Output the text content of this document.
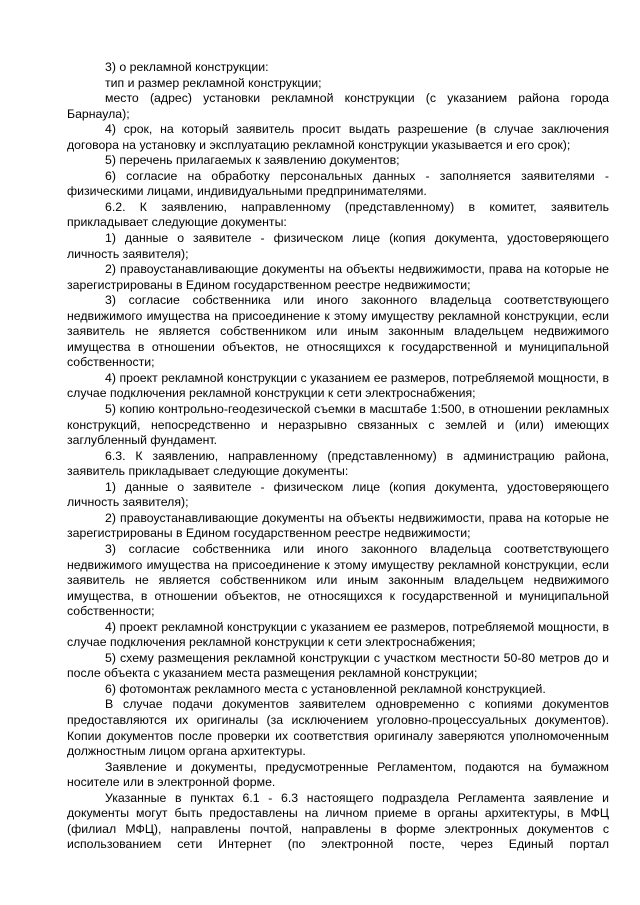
3) о рекламной конструкции:

тип и размер рекламной конструкции;

место (адрес) установки рекламной конструкции (с указанием района города Барнаула);

4) срок, на который заявитель просит выдать разрешение (в случае заключения договора на установку и эксплуатацию рекламной конструкции указывается и его срок);

5) перечень прилагаемых к заявлению документов;

6) согласие на обработку персональных данных - заполняется заявителями - физическими лицами, индивидуальными предпринимателями.

6.2. К заявлению, направленному (представленному) в комитет, заявитель прикладывает следующие документы:

1) данные о заявителе - физическом лице (копия документа, удостоверяющего личность заявителя);

2) правоустанавливающие документы на объекты недвижимости, права на которые не зарегистрированы в Едином государственном реестре недвижимости;

3) согласие собственника или иного законного владельца соответствующего недвижимого имущества на присоединение к этому имуществу рекламной конструкции, если заявитель не является собственником или иным законным владельцем недвижимого имущества в отношении объектов, не относящихся к государственной и муниципальной собственности;

4) проект рекламной конструкции с указанием ее размеров, потребляемой мощности, в случае подключения рекламной конструкции к сети электроснабжения;

5) копию контрольно-геодезической съемки в масштабе 1:500, в отношении рекламных конструкций, непосредственно и неразрывно связанных с землей и (или) имеющих заглубленный фундамент.

6.3. К заявлению, направленному (представленному) в администрацию района, заявитель прикладывает следующие документы:

1) данные о заявителе - физическом лице (копия документа, удостоверяющего личность заявителя);

2) правоустанавливающие документы на объекты недвижимости, права на которые не зарегистрированы в Едином государственном реестре недвижимости;

3) согласие собственника или иного законного владельца соответствующего недвижимого имущества на присоединение к этому имуществу рекламной конструкции, если заявитель не является собственником или иным законным владельцем недвижимого имущества, в отношении объектов, не относящихся к государственной и муниципальной собственности;

4) проект рекламной конструкции с указанием ее размеров, потребляемой мощности, в случае подключения рекламной конструкции к сети электроснабжения;

5) схему размещения рекламной конструкции с участком местности 50-80 метров до и после объекта с указанием места размещения рекламной конструкции;

6) фотомонтаж рекламного места с установленной рекламной конструкцией.

В случае подачи документов заявителем одновременно с копиями документов предоставляются их оригиналы (за исключением уголовно-процессуальных документов). Копии документов после проверки их соответствия оригиналу заверяются уполномоченным должностным лицом органа архитектуры.

Заявление и документы, предусмотренные Регламентом, подаются на бумажном носителе или в электронной форме.

Указанные в пунктах 6.1 - 6.3 настоящего подраздела Регламента заявление и документы могут быть предоставлены на личном приеме в органы архитектуры, в МФЦ (филиал МФЦ), направлены почтой, направлены в форме электронных документов с использованием сети Интернет (по электронной посте, через Единый портал
